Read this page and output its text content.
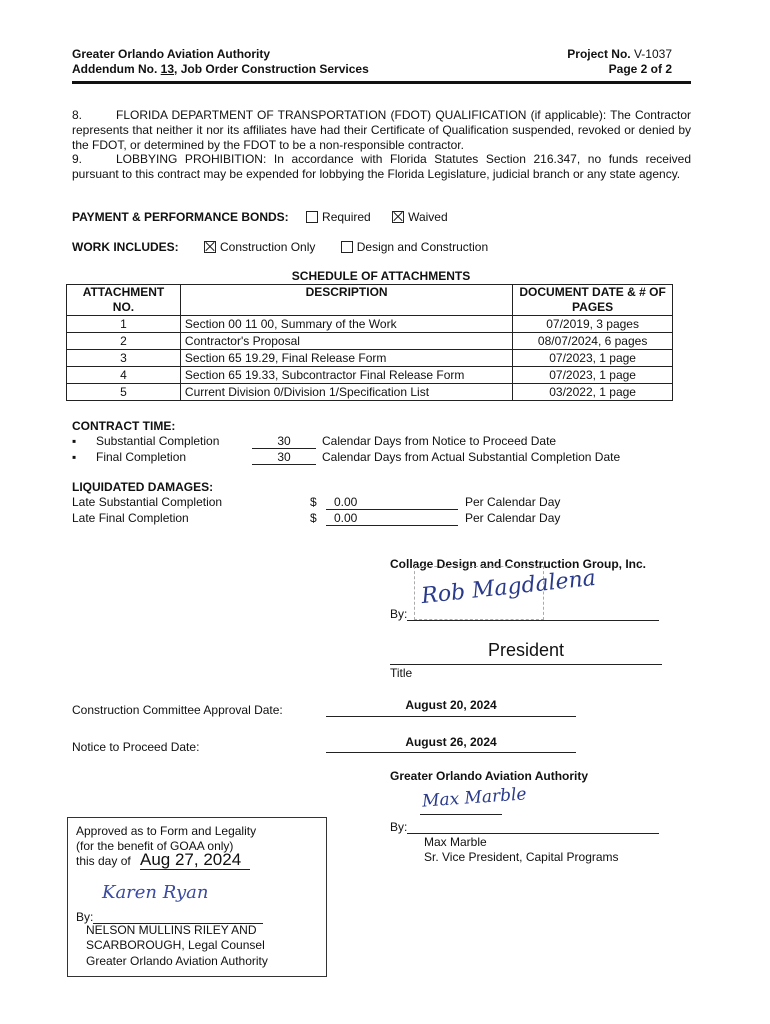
Greater Orlando Aviation Authority
Addendum No. 13, Job Order Construction Services
Project No. V-1037
Page 2 of 2
8.	FLORIDA DEPARTMENT OF TRANSPORTATION (FDOT) QUALIFICATION (if applicable): The Contractor represents that neither it nor its affiliates have had their Certificate of Qualification suspended, revoked or denied by the FDOT, or determined by the FDOT to be a non-responsible contractor.
9.	LOBBYING PROHIBITION: In accordance with Florida Statutes Section 216.347, no funds received pursuant to this contract may be expended for lobbying the Florida Legislature, judicial branch or any state agency.
PAYMENT & PERFORMANCE BONDS:	Required	Waived
WORK INCLUDES:	Construction Only	Design and Construction
SCHEDULE OF ATTACHMENTS
ATTACHMENT NO.	DESCRIPTION	DOCUMENT DATE & # OF PAGES
1	Section 00 11 00, Summary of the Work	07/2019, 3 pages
2	Contractor's Proposal	08/07/2024, 6 pages
3	Section 65 19.29, Final Release Form	07/2023, 1 page
4	Section 65 19.33, Subcontractor Final Release Form	07/2023, 1 page
5	Current Division 0/Division 1/Specification List	03/2022, 1 page
CONTRACT TIME:
▪ Substantial Completion	30	Calendar Days from Notice to Proceed Date
▪ Final Completion	30	Calendar Days from Actual Substantial Completion Date
LIQUIDATED DAMAGES:
Late Substantial Completion	$	0.00	Per Calendar Day
Late Final Completion	$	0.00	Per Calendar Day
Collage Design and Construction Group, Inc.
Rob Magdalena
By:
President
Title
Construction Committee Approval Date:	August 20, 2024
Notice to Proceed Date:	August 26, 2024
Greater Orlando Aviation Authority
Max Marble
By:
Max Marble
Sr. Vice President, Capital Programs
Approved as to Form and Legality
(for the benefit of GOAA only)
this day of Aug 27, 2024
Karen Ryan
By:
NELSON MULLINS RILEY AND
SCARBOROUGH, Legal Counsel
Greater Orlando Aviation Authority
